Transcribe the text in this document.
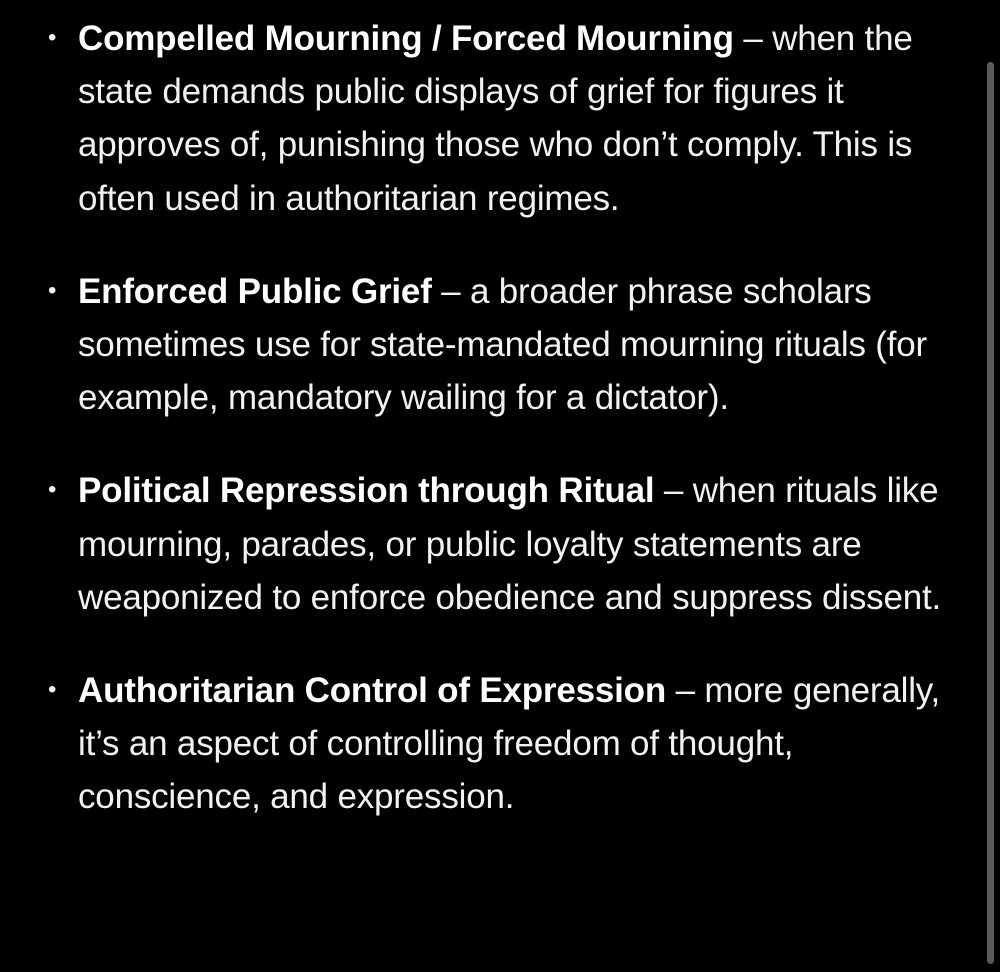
• Compelled Mourning / Forced Mourning – when the state demands public displays of grief for figures it approves of, punishing those who don’t comply. This is often used in authoritarian regimes.
• Enforced Public Grief – a broader phrase scholars sometimes use for state-mandated mourning rituals (for example, mandatory wailing for a dictator).
• Political Repression through Ritual – when rituals like mourning, parades, or public loyalty statements are weaponized to enforce obedience and suppress dissent.
• Authoritarian Control of Expression – more generally, it’s an aspect of controlling freedom of thought, conscience, and expression.
